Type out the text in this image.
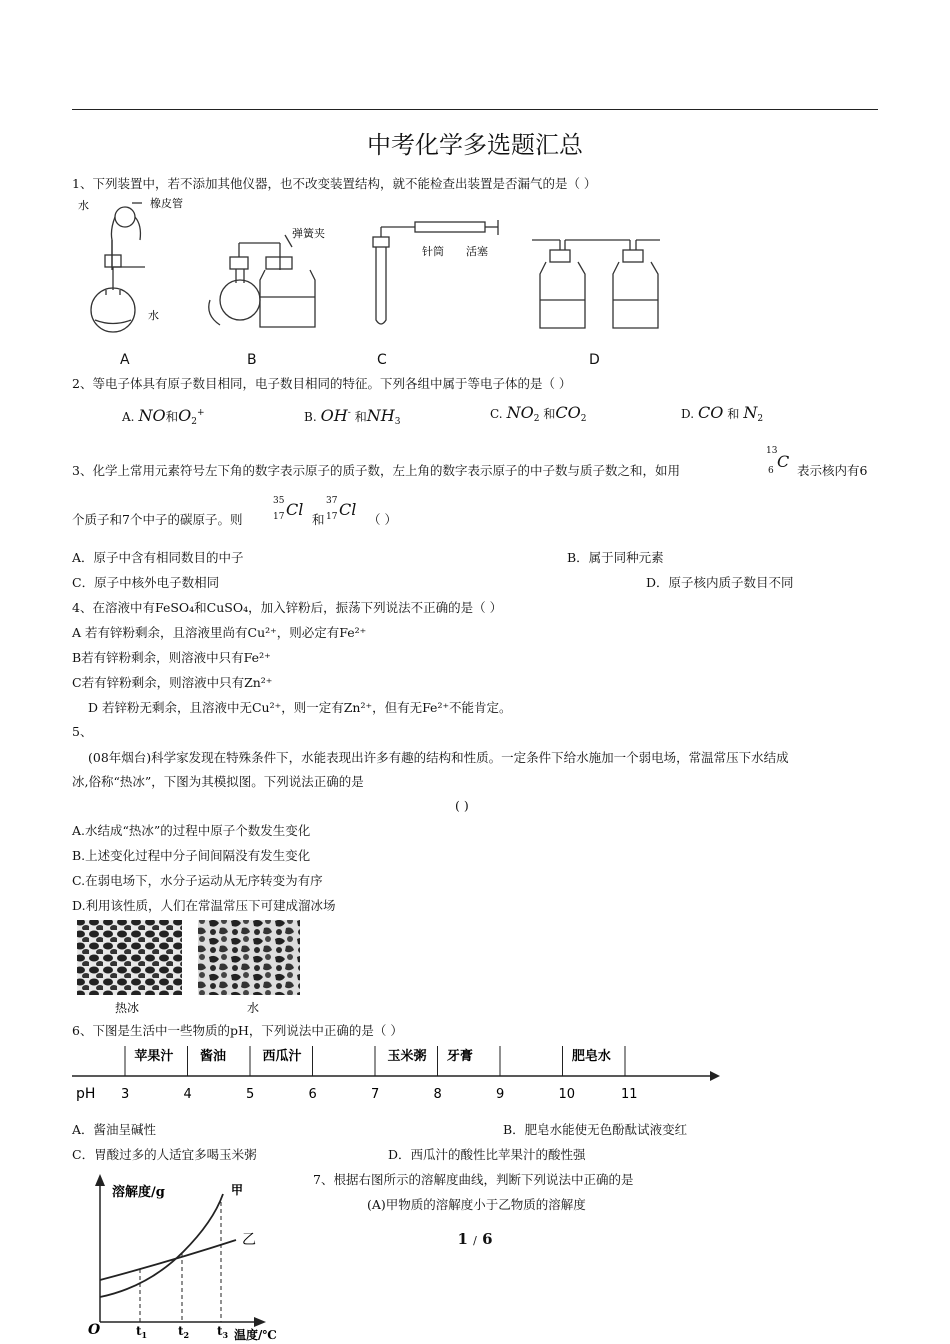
中考化学多选题汇总
1、下列装置中，若不添加其他仪器，也不改变装置结构，就不能检查出装置是否漏气的是（ ）
水	橡皮管
水
弹簧夹
针筒 活塞
A	B	C	D
2、等电子体具有原子数目相同，电子数目相同的特征。下列各组中属于等电子体的是（ ）
A. NO和$O_2^+$	B. OH- 和$NH_3$
C. $NO_2$ 和$CO_2$	D. CO 和 $N_2$
3、化学上常用元素符号左下角的数字表示原子的质子数，左上角的数字表示原子的中子数与质子数之和，如用
13
6 C 表示核内有6
个质子和7个中子的碳原子。则
35
17 Cl
和
37
17 Cl
（ ）
A．原子中含有相同数目的中子	B．属于同种元素
C．原子中核外电子数相同	D．原子核内质子数目不同
4、在溶液中有FeSO₄和CuSO₄，加入锌粉后，振荡下列说法不正确的是（ ）
A 若有锌粉剩余，且溶液里尚有Cu²⁺，则必定有Fe²⁺
B若有锌粉剩余，则溶液中只有Fe²⁺
C若有锌粉剩余，则溶液中只有Zn²⁺
D 若锌粉无剩余，且溶液中无Cu²⁺，则一定有Zn²⁺，但有无Fe²⁺不能肯定。
5、
(08年烟台)科学家发现在特殊条件下，水能表现出许多有趣的结构和性质。一定条件下给水施加一个弱电场，常温常压下水结成
冰,俗称“热冰”，下图为其模拟图。下列说法正确的是
( )
A.水结成“热冰”的过程中原子个数发生变化
B.上述变化过程中分子间间隔没有发生变化
C.在弱电场下，水分子运动从无序转变为有序
D.利用该性质，人们在常温常压下可建成溜冰场
热冰	水
6、下图是生活中一些物质的pH，下列说法中正确的是（ ）
pH 3	4	5	6	7	8	9	10	11
苹果汁 酱油	西瓜汁	玉米粥 牙膏	肥皂水
A．酱油呈碱性	B．肥皂水能使无色酚酞试液变红
C．胃酸过多的人适宜多喝玉米粥	D．西瓜汁的酸性比苹果汁的酸性强
7、根据右图所示的溶解度曲线，判断下列说法中正确的是
(A)甲物质的溶解度小于乙物质的溶解度
溶解度/g
O
甲
乙
$t_1$	$t_2$ $t_3$ 温度/℃
1 / 6
